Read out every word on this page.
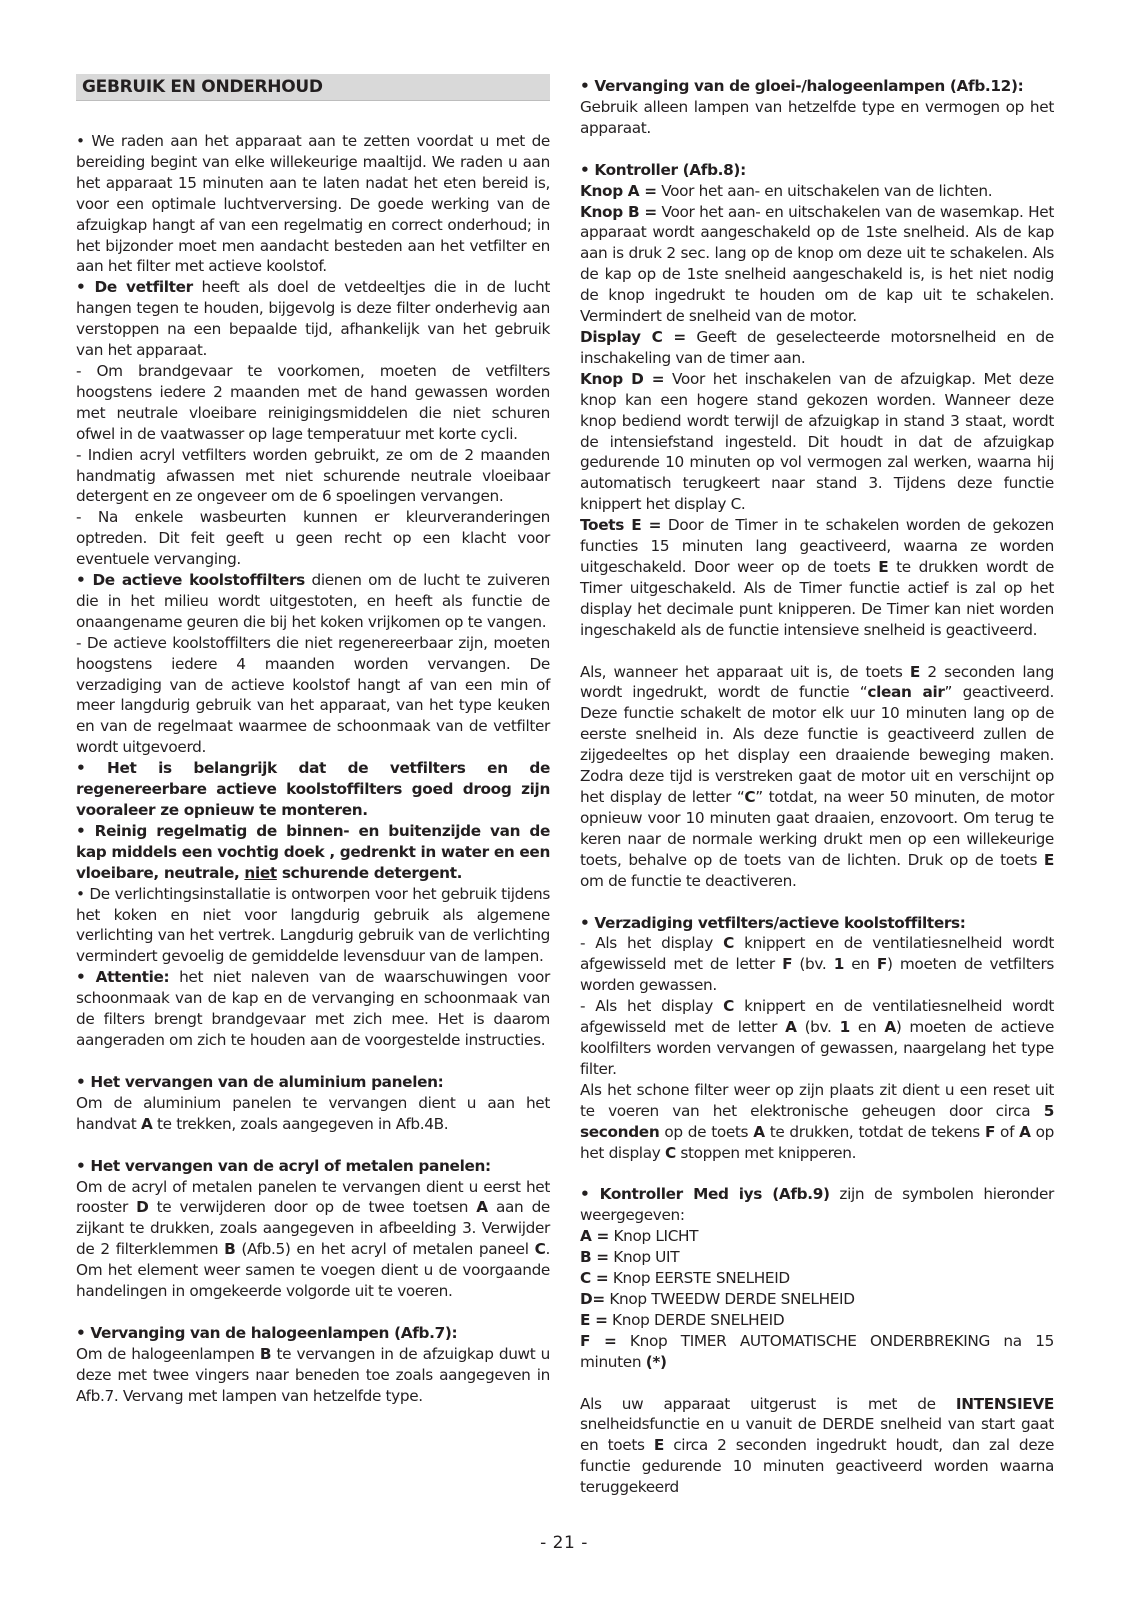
GEBRUIK EN ONDERHOUD

• We raden aan het apparaat aan te zetten voordat u met de bereiding begint van elke willekeurige maaltijd. We raden u aan het apparaat 15 minuten aan te laten nadat het eten bereid is, voor een optimale luchtverversing. De goede werking van de afzuigkap hangt af van een regelmatig en correct onderhoud; in het bijzonder moet men aandacht besteden aan het vetfilter en aan het filter met actieve koolstof.

• De vetfilter heeft als doel de vetdeeltjes die in de lucht hangen tegen te houden, bijgevolg is deze filter onderhevig aan verstoppen na een bepaalde tijd, afhankelijk van het gebruik van het apparaat.

- Om brandgevaar te voorkomen, moeten de vetfilters hoogstens iedere 2 maanden met de hand gewassen worden met neutrale vloeibare reinigingsmiddelen die niet schuren ofwel in de vaatwasser op lage temperatuur met korte cycli.

- Indien acryl vetfilters worden gebruikt, ze om de 2 maanden handmatig afwassen met niet schurende neutrale vloeibaar detergent en ze ongeveer om de 6 spoelingen vervangen.

- Na enkele wasbeurten kunnen er kleurveranderingen optreden. Dit feit geeft u geen recht op een klacht voor eventuele vervanging.

• De actieve koolstoffilters dienen om de lucht te zuiveren die in het milieu wordt uitgestoten, en heeft als functie de onaangename geuren die bij het koken vrijkomen op te vangen.

- De actieve koolstoffilters die niet regenereerbaar zijn, moeten hoogstens iedere 4 maanden worden vervangen. De verzadiging van de actieve koolstof hangt af van een min of meer langdurig gebruik van het apparaat, van het type keuken en van de regelmaat waarmee de schoonmaak van de vetfilter wordt uitgevoerd.

• Het is belangrijk dat de vetfilters en de regenereerbare actieve koolstoffilters goed droog zijn vooraleer ze opnieuw te monteren.

• Reinig regelmatig de binnen- en buitenzijde van de kap middels een vochtig doek , gedrenkt in water en een vloeibare, neutrale, niet schurende detergent.

• De verlichtingsinstallatie is ontworpen voor het gebruik tijdens het koken en niet voor langdurig gebruik als algemene verlichting van het vertrek. Langdurig gebruik van de verlichting vermindert gevoelig de gemiddelde levensduur van de lampen.

• Attentie: het niet naleven van de waarschuwingen voor schoonmaak van de kap en de vervanging en schoonmaak van de filters brengt brandgevaar met zich mee. Het is daarom aangeraden om zich te houden aan de voorgestelde instructies.

• Het vervangen van de aluminium panelen:

Om de aluminium panelen te vervangen dient u aan het handvat A te trekken, zoals aangegeven in Afb.4B.

• Het vervangen van de acryl of metalen panelen:

Om de acryl of metalen panelen te vervangen dient u eerst het rooster D te verwijderen door op de twee toetsen A aan de zijkant te drukken, zoals aangegeven in afbeelding 3. Verwijder de 2 filterklemmen B (Afb.5) en het acryl of metalen paneel C. Om het element weer samen te voegen dient u de voorgaande handelingen in omgekeerde volgorde uit te voeren.

• Vervanging van de halogeenlampen (Afb.7):

Om de halogeenlampen B te vervangen in de afzuigkap duwt u deze met twee vingers naar beneden toe zoals aangegeven in Afb.7. Vervang met lampen van hetzelfde type.

• Vervanging van de gloei-/halogeenlampen (Afb.12):

Gebruik alleen lampen van hetzelfde type en vermogen op het apparaat.

• Kontroller (Afb.8):

Knop A = Voor het aan- en uitschakelen van de lichten.

Knop B = Voor het aan- en uitschakelen van de wasemkap. Het apparaat wordt aangeschakeld op de 1ste snelheid. Als de kap aan is druk 2 sec. lang op de knop om deze uit te schakelen. Als de kap op de 1ste snelheid aangeschakeld is, is het niet nodig de knop ingedrukt te houden om de kap uit te schakelen. Vermindert de snelheid van de motor.

Display C = Geeft de geselecteerde motorsnelheid en de inschakeling van de timer aan.

Knop D = Voor het inschakelen van de afzuigkap. Met deze knop kan een hogere stand gekozen worden. Wanneer deze knop bediend wordt terwijl de afzuigkap in stand 3 staat, wordt de intensiefstand ingesteld. Dit houdt in dat de afzuigkap gedurende 10 minuten op vol vermogen zal werken, waarna hij automatisch terugkeert naar stand 3. Tijdens deze functie knippert het display C.

Toets E = Door de Timer in te schakelen worden de gekozen functies 15 minuten lang geactiveerd, waarna ze worden uitgeschakeld. Door weer op de toets E te drukken wordt de Timer uitgeschakeld. Als de Timer functie actief is zal op het display het decimale punt knipperen. De Timer kan niet worden ingeschakeld als de functie intensieve snelheid is geactiveerd.

Als, wanneer het apparaat uit is, de toets E 2 seconden lang wordt ingedrukt, wordt de functie “clean air” geactiveerd. Deze functie schakelt de motor elk uur 10 minuten lang op de eerste snelheid in. Als deze functie is geactiveerd zullen de zijgedeeltes op het display een draaiende beweging maken. Zodra deze tijd is verstreken gaat de motor uit en verschijnt op het display de letter “C” totdat, na weer 50 minuten, de motor opnieuw voor 10 minuten gaat draaien, enzovoort. Om terug te keren naar de normale werking drukt men op een willekeurige toets, behalve op de toets van de lichten. Druk op de toets E om de functie te deactiveren.

• Verzadiging vetfilters/actieve koolstoffilters:

- Als het display C knippert en de ventilatiesnelheid wordt afgewisseld met de letter F (bv. 1 en F) moeten de vetfilters worden gewassen.

- Als het display C knippert en de ventilatiesnelheid wordt afgewisseld met de letter A (bv. 1 en A) moeten de actieve koolfilters worden vervangen of gewassen, naargelang het type filter.

Als het schone filter weer op zijn plaats zit dient u een reset uit te voeren van het elektronische geheugen door circa 5 seconden op de toets A te drukken, totdat de tekens F of A op het display C stoppen met knipperen.

• Kontroller Med iys (Afb.9) zijn de symbolen hieronder weergegeven:

A = Knop LICHT

B = Knop UIT

C = Knop EERSTE SNELHEID

D= Knop TWEEDW DERDE SNELHEID

E = Knop DERDE SNELHEID

F = Knop TIMER AUTOMATISCHE ONDERBREKING na 15 minuten (*)

Als uw apparaat uitgerust is met de INTENSIEVE snelheidsfunctie en u vanuit de DERDE snelheid van start gaat en toets E circa 2 seconden ingedrukt houdt, dan zal deze functie gedurende 10 minuten geactiveerd worden waarna teruggekeerd

- 21 -
